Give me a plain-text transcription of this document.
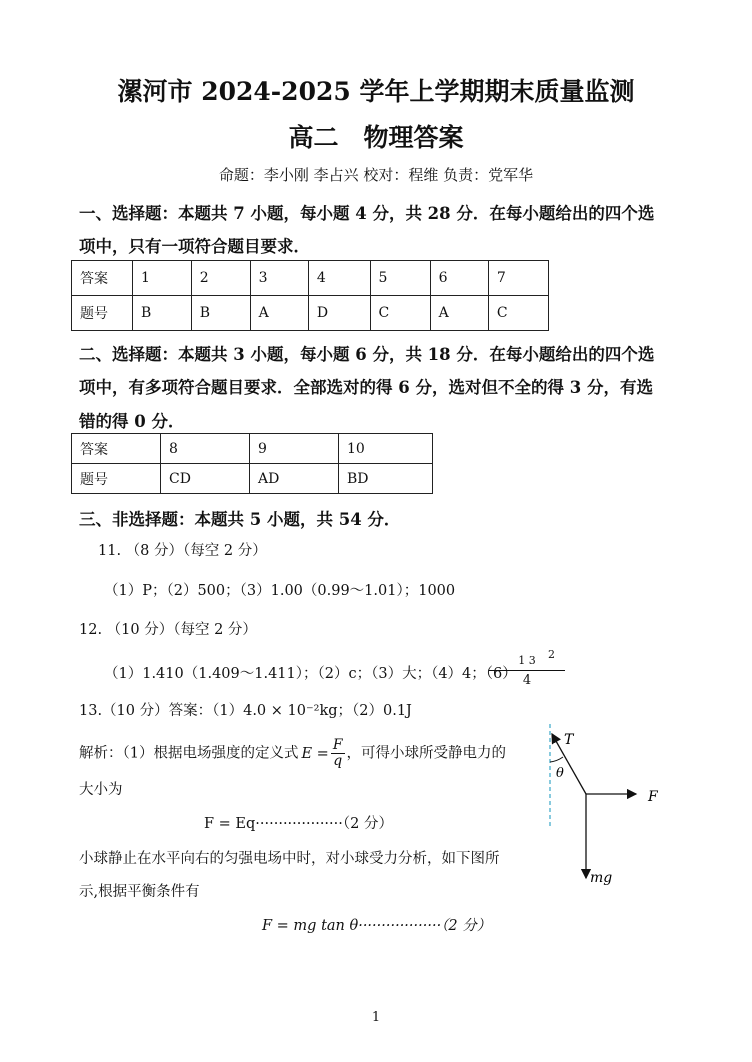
漯河市 2024-2025 学年上学期期末质量监测
高二　物理答案
命题：李小刚 李占兴 校对：程维 负责：党军华
一、选择题：本题共 7 小题，每小题 4 分，共 28 分．在每小题给出的四个选
项中，只有一项符合题目要求．
答案	1	2	3	4	5	6	7
题号	B	B	A	D	C	A	C
二、选择题：本题共 3 小题，每小题 6 分，共 18 分．在每小题给出的四个选
项中，有多项符合题目要求．全部选对的得 6 分，选对但不全的得 3 分，有选
错的得 0 分．
答案	8	9	10
题号	CD	AD	BD
三、非选择题：本题共 5 小题，共 54 分．
11. （8 分）（每空 2 分）
（1）P；（2）500；（3）1.00（0.99～1.01）；1000
12. （10 分）（每空 2 分）
（1）1.410（1.409～1.411）；（2）c；（3）大；（4）4；（6）
1 3	2
4
13.（10 分）答案：（1）4.0 × 10⁻²kg；（2）0.1J
解析：（1）根据电场强度的定义式 $E = \frac{F}{q}$ ，可得小球所受静电力的
大小为
F = Eq···················（2 分）
小球静止在水平向右的匀强电场中时，对小球受力分析，如下图所
示,根据平衡条件有
F = mg tan θ··················（2 分）
T
θ
F
mg
1
